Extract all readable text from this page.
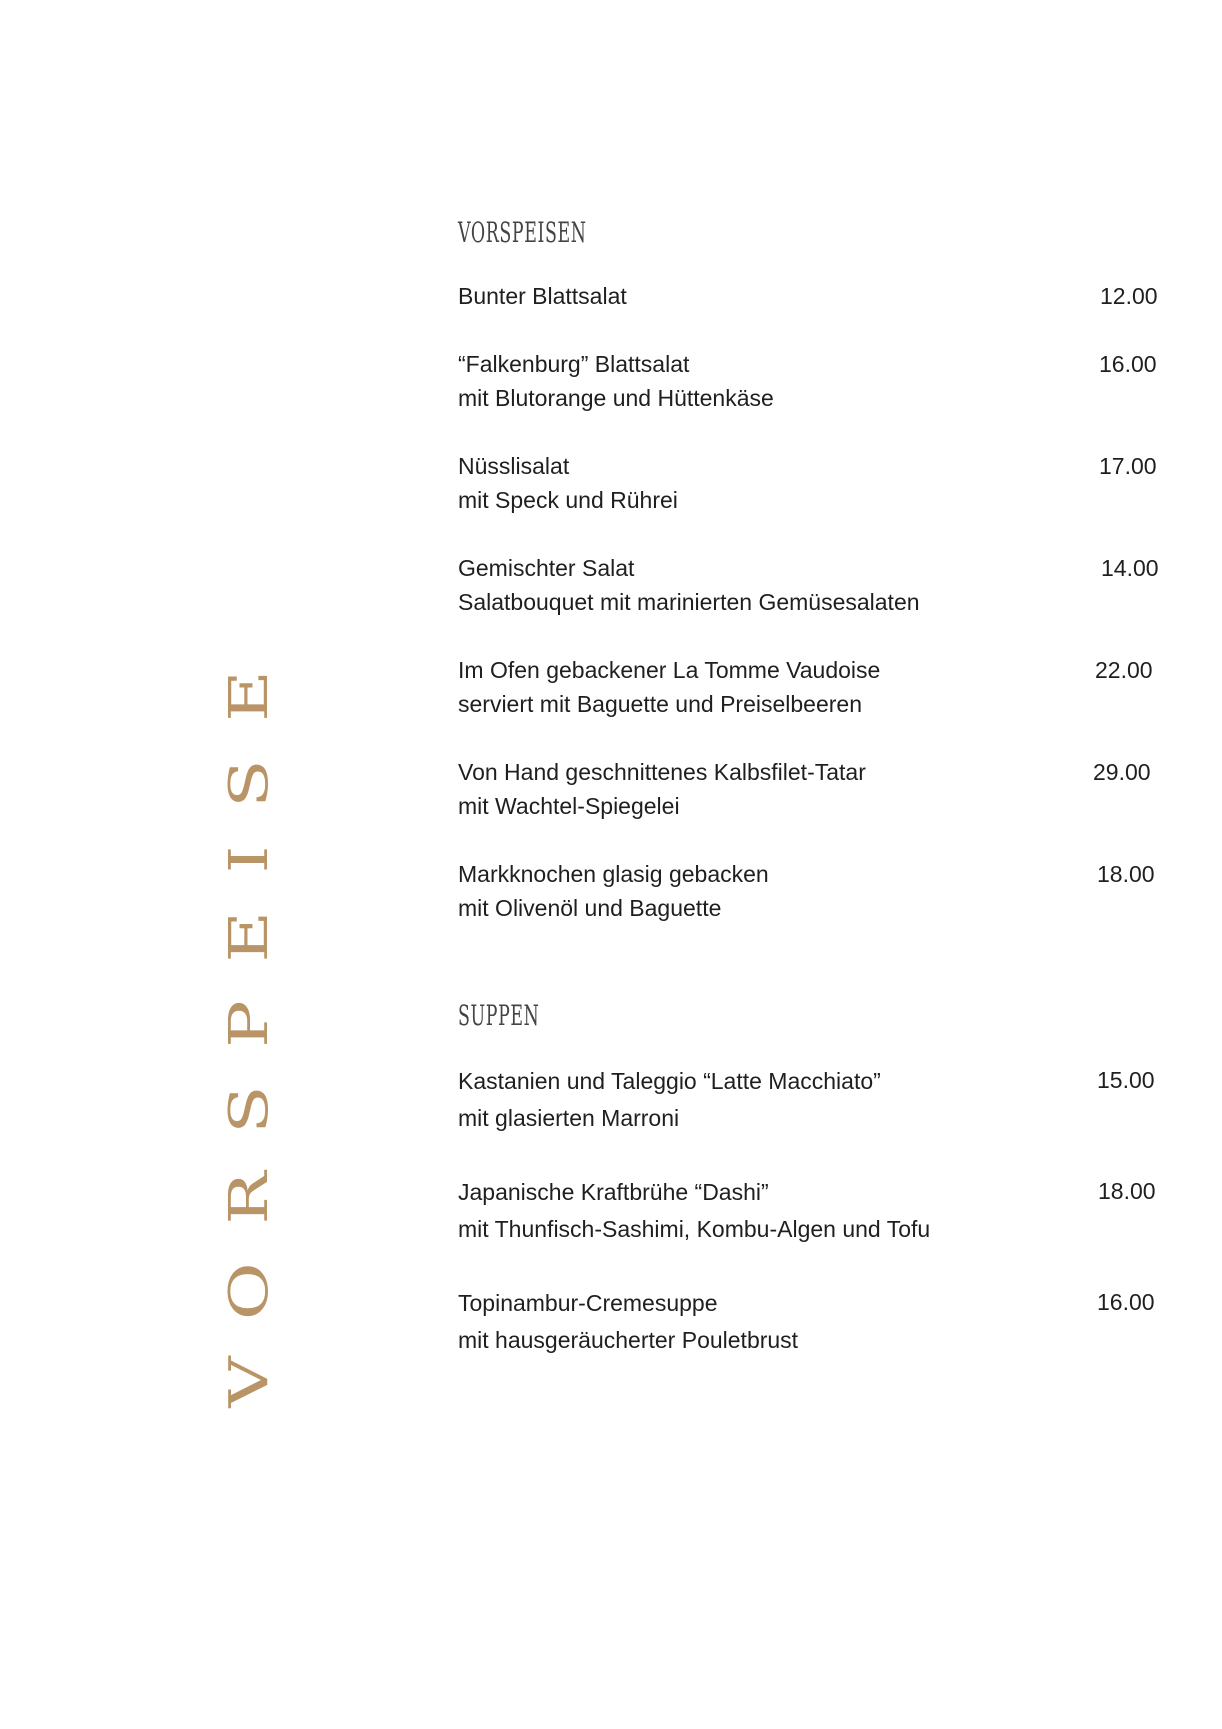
VORSPEISE
VORSPEISEN
Bunter Blattsalat	12.00
“Falkenburg” Blattsalat
mit Blutorange und Hüttenkäse
16.00
Nüsslisalat
mit Speck und Rührei
17.00
Gemischter Salat
Salatbouquet mit marinierten Gemüsesalaten
14.00
Im Ofen gebackener La Tomme Vaudoise
serviert mit Baguette und Preiselbeeren
22.00
Von Hand geschnittenes Kalbsfilet-Tatar
mit Wachtel-Spiegelei
29.00
Markknochen glasig gebacken
mit Olivenöl und Baguette
18.00
SUPPEN
Kastanien und Taleggio “Latte Macchiato”
mit glasierten Marroni
15.00
Japanische Kraftbrühe “Dashi”
mit Thunfisch-Sashimi, Kombu-Algen und Tofu
18.00
Topinambur-Cremesuppe
mit hausgeräucherter Pouletbrust
16.00
